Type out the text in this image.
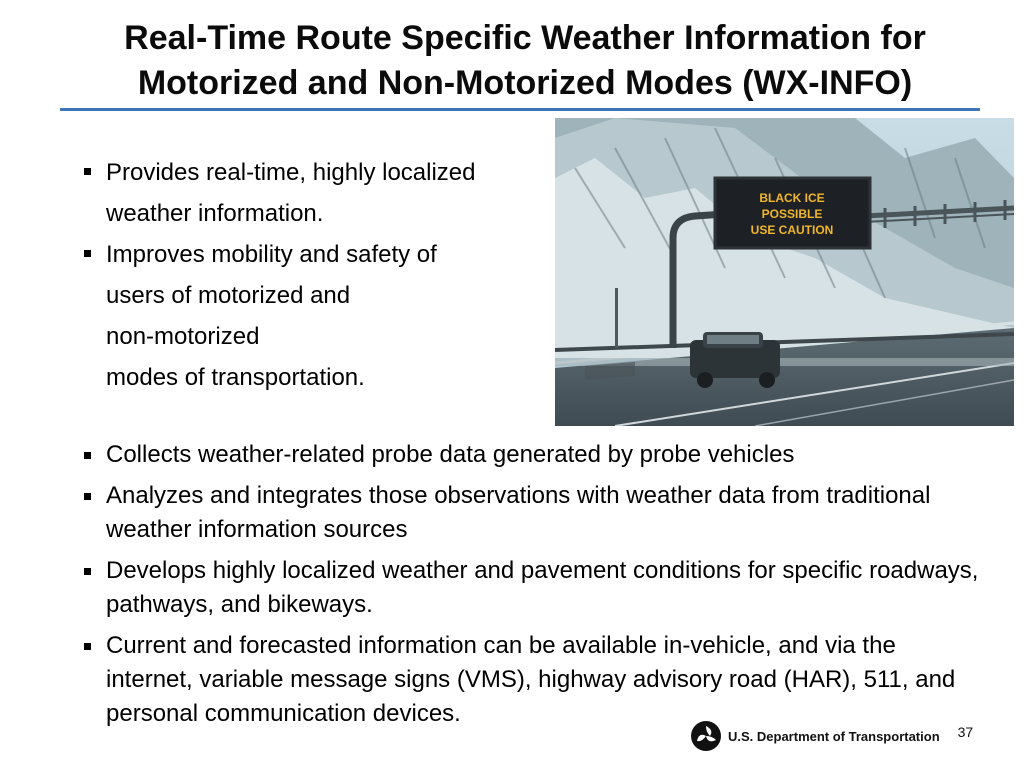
Real-Time Route Specific Weather Information for
Motorized and Non-Motorized Modes (WX-INFO)
Provides real-time, highly localized
weather information.
Improves mobility and safety of
users of motorized and
non-motorized
modes of transportation.
BLACK ICE
POSSIBLE
USE CAUTION
Collects weather-related probe data generated by probe vehicles
Analyzes and integrates those observations with weather data from traditional weather information sources
Develops highly localized weather and pavement conditions for specific roadways, pathways, and bikeways.
Current and forecasted information can be available in-vehicle, and via the internet, variable message signs (VMS), highway advisory road (HAR), 511, and personal communication devices.
U.S. Department of Transportation 37
